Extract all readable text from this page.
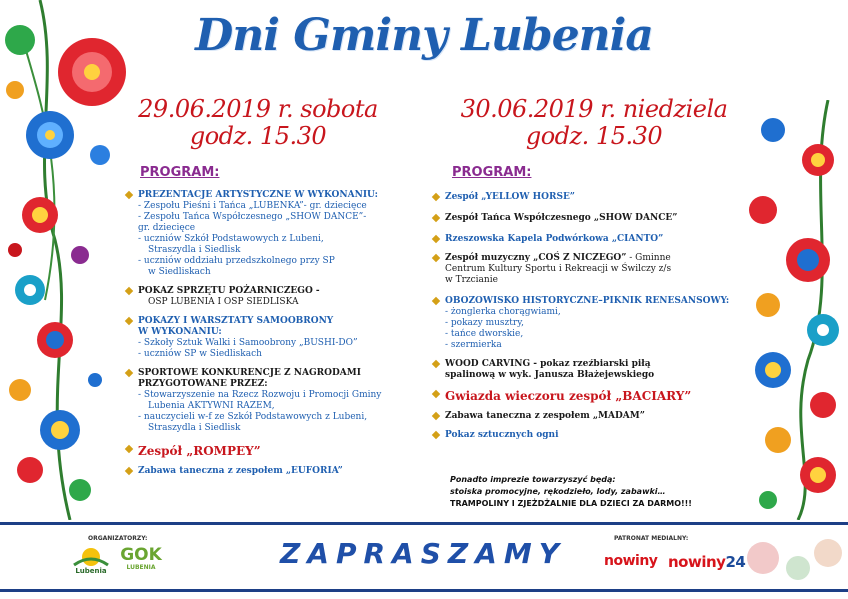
Dni Gminy Lubenia
29.06.2019 r. sobota
godz. 15.30
30.06.2019 r. niedziela
godz. 15.30
PROGRAM:	PROGRAM:
PREZENTACJE ARTYSTYCZNE W WYKONANIU:
- Zespołu Pieśni i Tańca „LUBENKA”- gr. dziecięce
- Zespołu Tańca Współczesnego „SHOW DANCE”-
gr. dziecięce
- uczniów Szkół Podstawowych z Lubeni,
Straszydla i Siedlisk
- uczniów oddziału przedszkolnego przy SP
w Siedliskach
POKAZ SPRZĘTU POŻARNICZEGO -
OSP LUBENIA I OSP SIEDLISKA
POKAZY I WARSZTATY SAMOOBRONY
W WYKONANIU:
- Szkoły Sztuk Walki i Samoobrony „BUSHI-DO”
- uczniów SP w Siedliskach
SPORTOWE KONKURENCJE Z NAGRODAMI
PRZYGOTOWANE PRZEZ:
- Stowarzyszenie na Rzecz Rozwoju i Promocji Gminy
Lubenia AKTYWNI RAZEM,
- nauczycieli w-f ze Szkół Podstawowych z Lubeni,
Straszydla i Siedlisk
Zespół „ROMPEY”
Zabawa taneczna z zespołem „EUFORIA”
Zespół „YELLOW HORSE”
Zespół Tańca Współczesnego „SHOW DANCE”
Rzeszowska Kapela Podwórkowa „CIANTO”
Zespół muzyczny „COŚ Z NICZEGO” - Gminne
Centrum Kultury Sportu i Rekreacji w Świlczy z/s
w Trzcianie
OBOZOWISKO HISTORYCZNE–PIKNIK RENESANSOWY:
- żonglerka chorągwiami,
- pokazy musztry,
- tańce dworskie,
- szermierka
WOOD CARVING - pokaz rzeźbiarski piłą
spalinową w wyk. Janusza Błażejewskiego
Gwiazda wieczoru zespół „BACIARY”
Zabawa taneczna z zespołem „MADAM”
Pokaz sztucznych ogni
Ponadto imprezie towarzyszyć będą:
stoiska promocyjne, rękodzieło, lody, zabawki…
TRAMPOLINY I ZJEŻDŻALNIE DLA DZIECI ZA DARMO!!!
ORGANIZATORZY:
Lubenia
GOK
LUBENIA	ZAPRASZAMY	PATRONAT MEDIALNY:
nowiny nowiny24
